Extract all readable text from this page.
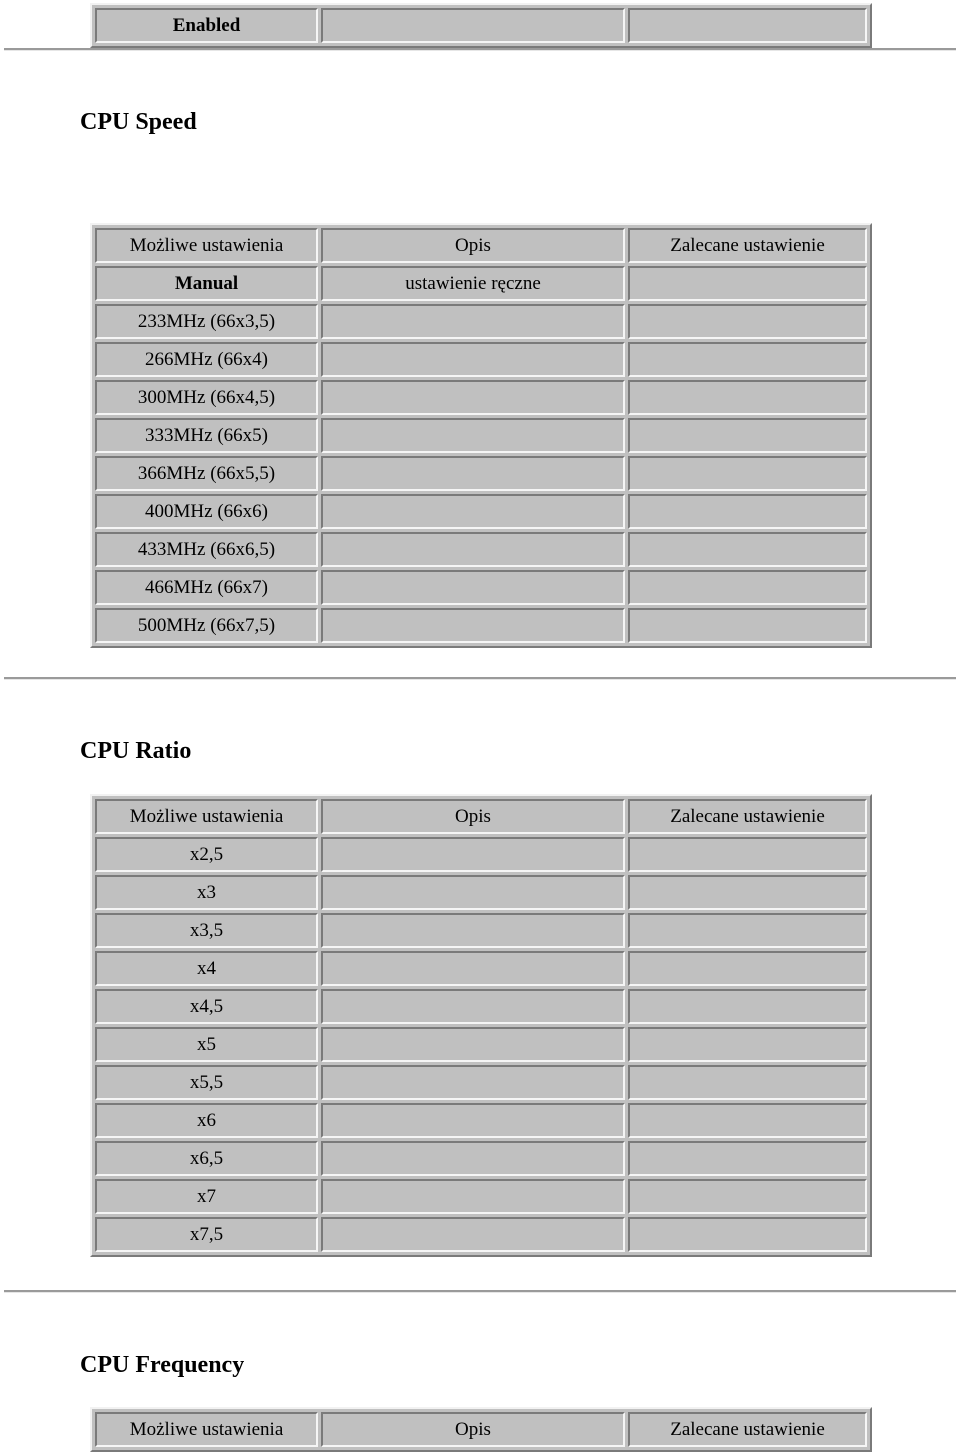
Enabled		
CPU Speed
Możliwe ustawienia	Opis	Zalecane ustawienie
Manual	ustawienie ręczne	
233MHz (66x3,5)		
266MHz (66x4)		
300MHz (66x4,5)		
333MHz (66x5)		
366MHz (66x5,5)		
400MHz (66x6)		
433MHz (66x6,5)		
466MHz (66x7)		
500MHz (66x7,5)		
CPU Ratio
Możliwe ustawienia	Opis	Zalecane ustawienie
x2,5		
x3		
x3,5		
x4		
x4,5		
x5		
x5,5		
x6		
x6,5		
x7		
x7,5		
CPU Frequency
Możliwe ustawienia	Opis	Zalecane ustawienie
